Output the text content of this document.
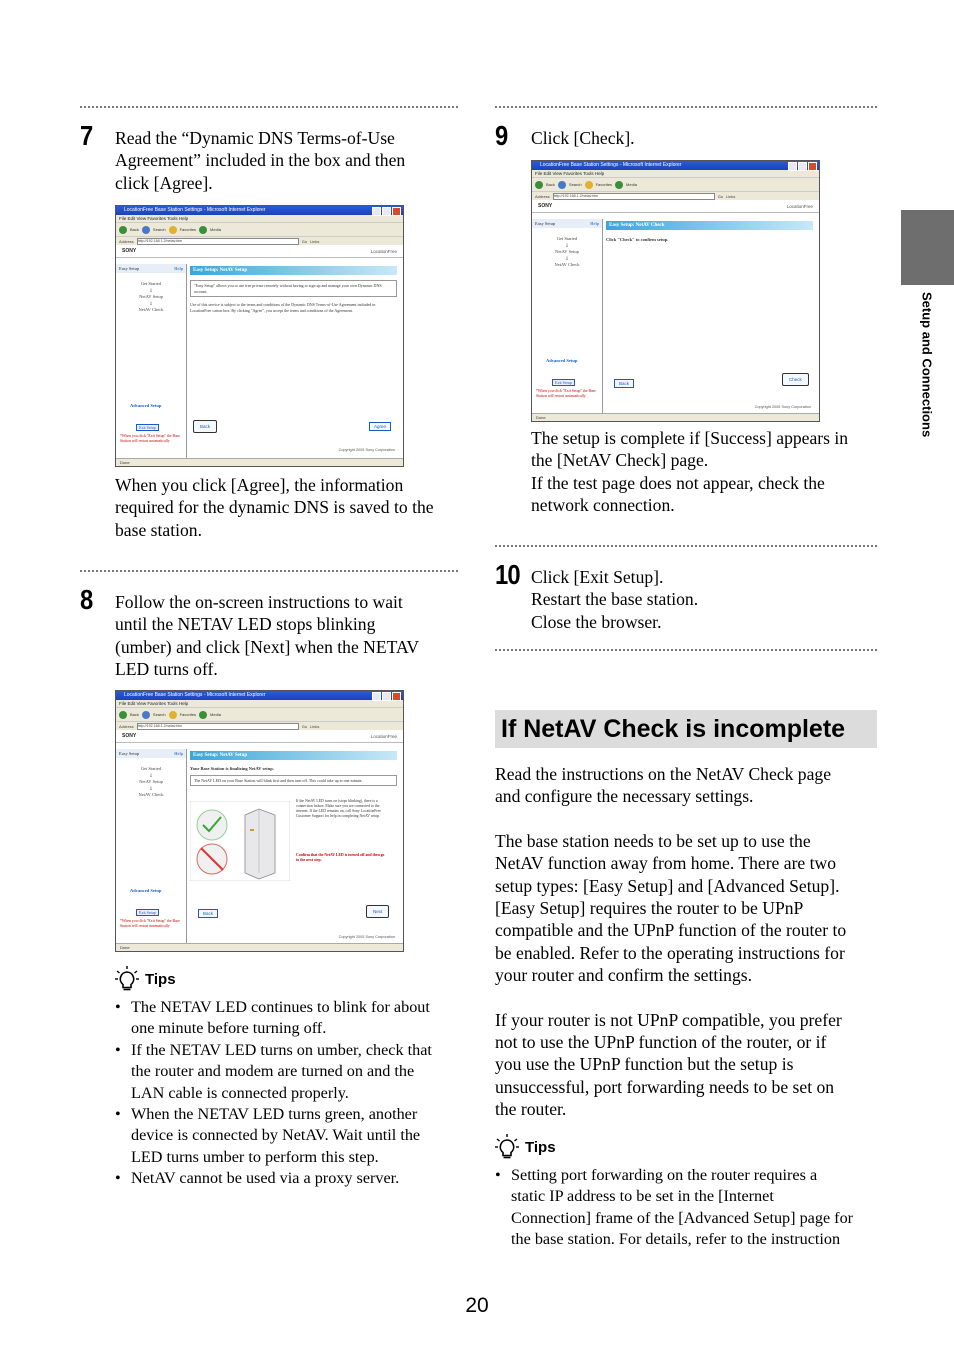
Setup and Connections
7 Read the “Dynamic DNS Terms-of-Use

Agreement” included in the box and then

click [Agree].

LocationFree Base Station Settings - Microsoft Internet Explorer
File Edit View Favorites Tools Help
Back	Search	Favorites	Media
Address http://192.168.1.2/netav.htm	Go Links
SONY	LocationFree
Easy Setup	Help
Get Started
⇩
NetAV Setup
⇩
NetAV Check
Advanced Setup
Exit Setup
*When you click "Exit Setup" the Base Station will restart automatically
Easy Setup: NetAV Setup
"Easy Setup" allows you to use free private remotely without having to sign up and manage your own Dynamic DNS account.
Use of this service is subject to the terms and conditions of the Dynamic DNS Terms-of-Use Agreement included in LocationFree carton box. By clicking "Agree", you accept the terms and conditions of the Agreement.
Back	Agree
Copyright 2005 Sony Corporation
Done

When you click [Agree], the information

required for the dynamic DNS is saved to the

base station.

8 Follow the on-screen instructions to wait

until the NETAV LED stops blinking

(umber) and click [Next] when the NETAV

LED turns off.

LocationFree Base Station Settings - Microsoft Internet Explorer
File Edit View Favorites Tools Help
Back	Search	Favorites	Media
Address http://192.168.1.2/netav.htm	Go Links
SONY	LocationFree
Easy Setup	Help
Get Started
⇩
NetAV Setup
⇩
NetAV Check
Advanced Setup
Exit Setup
*When you click "Exit Setup" the Base Station will restart automatically
Easy Setup: NetAV Setup
Your Base Station is finalizing NetAV setup.
The NetAV LED on your Base Station will blink first and then turn off. This could take up to one minute.
If the NetAV LED turns on (stops blinking), there is a connection failure. Make sure you are connected to the internet. If the LED remains on, call Sony LocationFree Customer Support for help in completing NetAV setup.
Confirm that the NetAV LED is turned off and then go to the next step.
Back	Next
Copyright 2005 Sony Corporation
Done
Tips
• The NETAV LED continues to blink for about
one minute before turning off.
• If the NETAV LED turns on umber, check that
the router and modem are turned on and the
LAN cable is connected properly.
• When the NETAV LED turns green, another
device is connected by NetAV. Wait until the
LED turns umber to perform this step.
• NetAV cannot be used via a proxy server.
9 Click [Check].

LocationFree Base Station Settings - Microsoft Internet Explorer
File Edit View Favorites Tools Help
Back	Search	Favorites	Media
Address http://192.168.1.2/netav.htm	Go Links
SONY	LocationFree
Easy Setup	Help
Get Started
⇩
NetAV Setup
⇩
NetAV Check
Advanced Setup
Exit Setup
*When you click "Exit Setup" the Base Station will restart automatically
Easy Setup: NetAV Check
Click "Check" to confirm setup.
Back
Check
Copyright 2005 Sony Corporation
Done

The setup is complete if [Success] appears in

the [NetAV Check] page.

If the test page does not appear, check the

network connection.

10 Click [Exit Setup].

Restart the base station.

Close the browser.

If NetAV Check is incomplete

Read the instructions on the NetAV Check page

and configure the necessary settings.

The base station needs to be set up to use the

NetAV function away from home. There are two

setup types: [Easy Setup] and [Advanced Setup].

[Easy Setup] requires the router to be UPnP

compatible and the UPnP function of the router to

be enabled. Refer to the operating instructions for

your router and confirm the settings.

If your router is not UPnP compatible, you prefer

not to use the UPnP function of the router, or if

you use the UPnP function but the setup is

unsuccessful, port forwarding needs to be set on

the router.

Tips
• Setting port forwarding on the router requires a
static IP address to be set in the [Internet
Connection] frame of the [Advanced Setup] page for
the base station. For details, refer to the instruction
20
